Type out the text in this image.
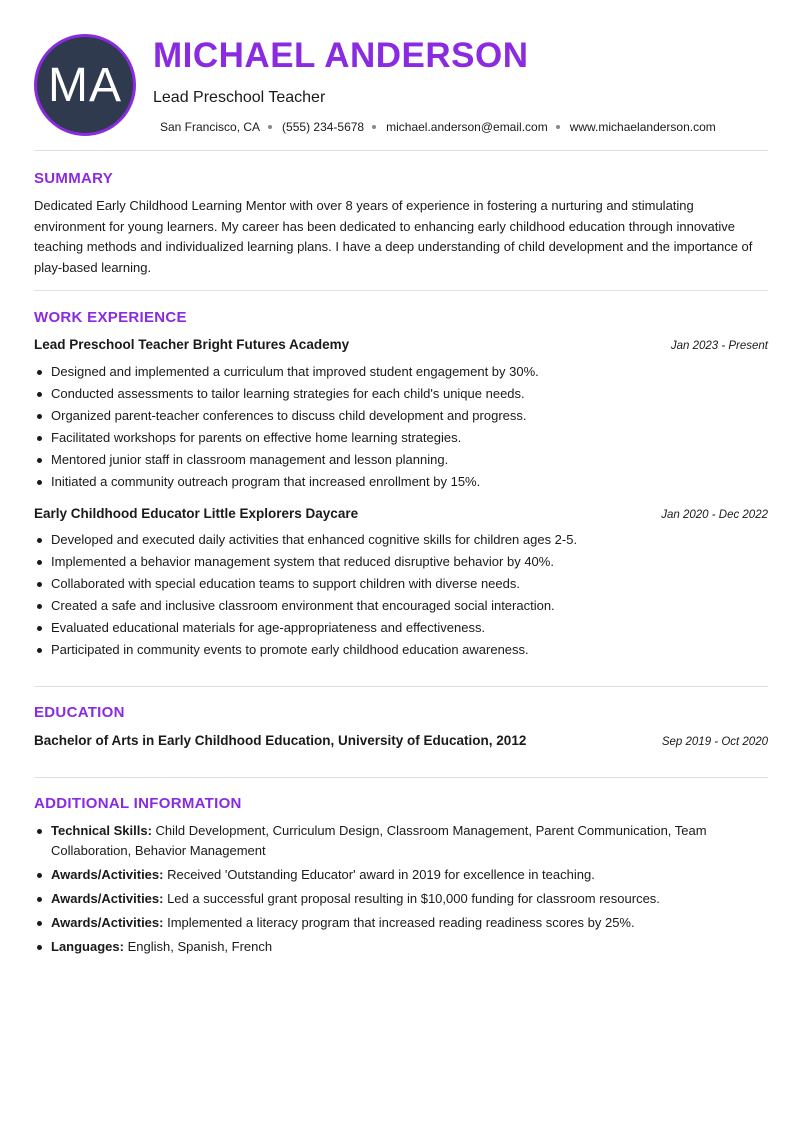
MA
MICHAEL ANDERSON
Lead Preschool Teacher
San Francisco, CA (555) 234-5678 michael.anderson@email.com www.michaelanderson.com
SUMMARY
Dedicated Early Childhood Learning Mentor with over 8 years of experience in fostering a nurturing and stimulating environment for young learners. My career has been dedicated to enhancing early childhood education through innovative teaching methods and individualized learning plans. I have a deep understanding of child development and the importance of play-based learning.
WORK EXPERIENCE
Lead Preschool Teacher Bright Futures Academy	Jan 2023 - Present
Designed and implemented a curriculum that improved student engagement by 30%.
Conducted assessments to tailor learning strategies for each child's unique needs.
Organized parent-teacher conferences to discuss child development and progress.
Facilitated workshops for parents on effective home learning strategies.
Mentored junior staff in classroom management and lesson planning.
Initiated a community outreach program that increased enrollment by 15%.
Early Childhood Educator Little Explorers Daycare	Jan 2020 - Dec 2022
Developed and executed daily activities that enhanced cognitive skills for children ages 2-5.
Implemented a behavior management system that reduced disruptive behavior by 40%.
Collaborated with special education teams to support children with diverse needs.
Created a safe and inclusive classroom environment that encouraged social interaction.
Evaluated educational materials for age-appropriateness and effectiveness.
Participated in community events to promote early childhood education awareness.
EDUCATION
Bachelor of Arts in Early Childhood Education, University of Education, 2012	Sep 2019 - Oct 2020
ADDITIONAL INFORMATION
Technical Skills: Child Development, Curriculum Design, Classroom Management, Parent Communication, Team Collaboration, Behavior Management
Awards/Activities: Received 'Outstanding Educator' award in 2019 for excellence in teaching.
Awards/Activities: Led a successful grant proposal resulting in $10,000 funding for classroom resources.
Awards/Activities: Implemented a literacy program that increased reading readiness scores by 25%.
Languages: English, Spanish, French
